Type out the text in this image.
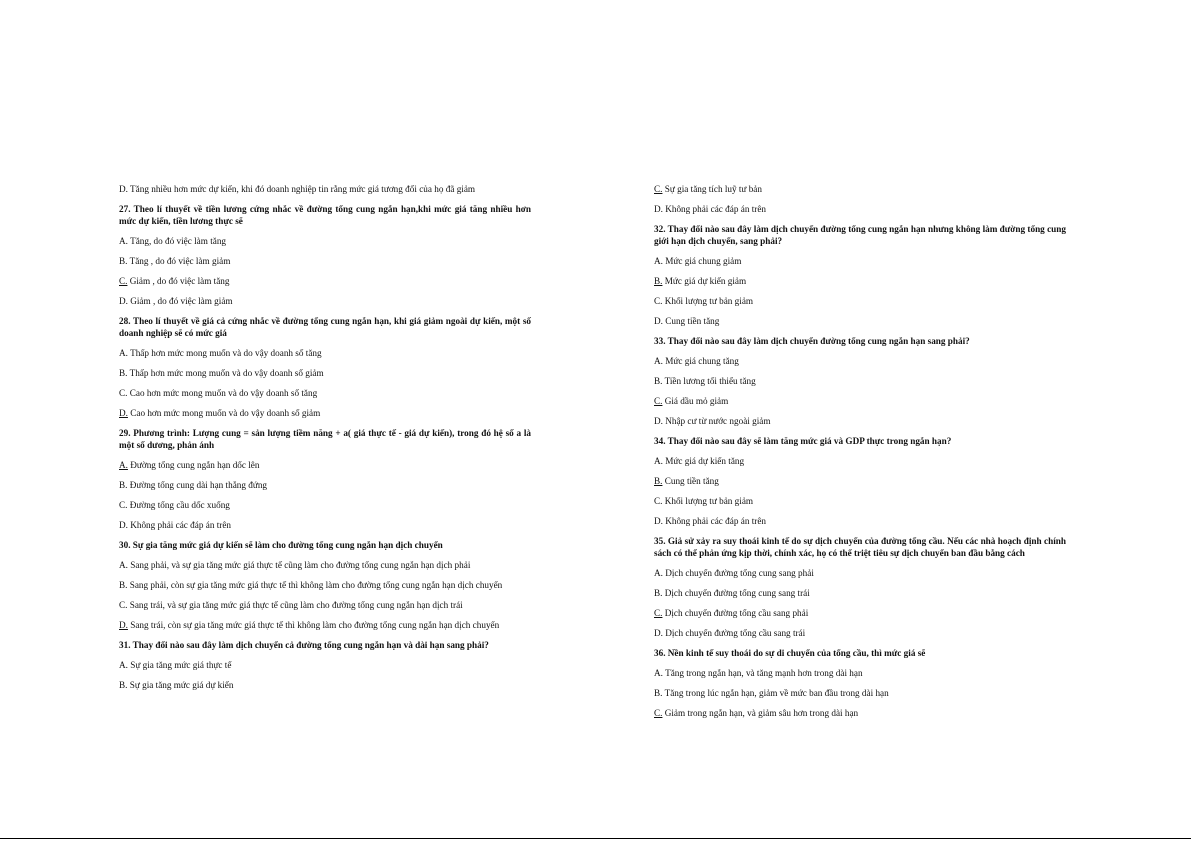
D. Tăng nhiều hơn mức dự kiến, khi đó doanh nghiệp tin rằng mức giá tương đối của họ đã giảm
27. Theo lí thuyết về tiền lương cứng nhắc về đường tổng cung ngắn hạn,khi mức giá tăng nhiều hơn mức dự kiến, tiền lương thực sẽ
A. Tăng, do đó việc làm tăng
B. Tăng , do đó việc làm giảm
C. Giảm , do đó việc làm tăng
D. Giảm , do đó việc làm giảm
28. Theo lí thuyết về giá cả cứng nhắc về đường tổng cung ngắn hạn, khi giá giảm ngoài dự kiến, một số doanh nghiệp sẽ có mức giá
A. Thấp hơn mức mong muốn và do vậy doanh số tăng
B. Thấp hơn mức mong muốn và do vậy doanh số giảm
C. Cao hơn mức mong muốn và do vậy doanh số tăng
D. Cao hơn mức mong muốn và do vậy doanh số giảm
29. Phương trình: Lượng cung = sản lượng tiềm năng + a( giá thực tế - giá dự kiến), trong đó hệ số a là một số dương, phản ánh
A. Đường tổng cung ngắn hạn dốc lên
B. Đường tổng cung dài hạn thẳng đứng
C. Đường tổng cầu dốc xuống
D. Không phải các đáp án trên
30. Sự gia tăng mức giá dự kiến sẽ làm cho đường tổng cung ngắn hạn dịch chuyển
A. Sang phải, và sự gia tăng mức giá thực tế cũng làm cho đường tổng cung ngắn hạn dịch phải
B. Sang phải, còn sự gia tăng mức giá thực tế thì không làm cho đường tổng cung ngắn hạn dịch chuyển
C. Sang trái, và sự gia tăng mức giá thực tế cũng làm cho đường tổng cung ngắn hạn dịch trái
D. Sang trái, còn sự gia tăng mức giá thực tế thì không làm cho đường tổng cung ngắn hạn dịch chuyển
31. Thay đổi nào sau đây làm dịch chuyển cả đường tổng cung ngắn hạn và dài hạn sang phải?
A. Sự gia tăng mức giá thực tế
B. Sự gia tăng mức giá dự kiến
C. Sự gia tăng tích luỹ tư bản
D. Không phải các đáp án trên
32. Thay đổi nào sau đây làm dịch chuyển đường tổng cung ngắn hạn nhưng không làm đường tổng cung giới hạn dịch chuyển, sang phải?
A. Mức giá chung giảm
B. Mức giá dự kiến giảm
C. Khối lượng tư bản giảm
D. Cung tiền tăng
33. Thay đổi nào sau đây làm dịch chuyển đường tổng cung ngắn hạn sang phải?
A. Mức giá chung tăng
B. Tiền lương tối thiểu tăng
C. Giá dầu mỏ giảm
D. Nhập cư từ nước ngoài giảm
34. Thay đổi nào sau đây sẽ làm tăng mức giá và GDP thực trong ngắn hạn?
A. Mức giá dự kiến tăng
B. Cung tiền tăng
C. Khối lượng tư bản giảm
D. Không phải các đáp án trên
35. Giả sử xảy ra suy thoái kinh tế do sự dịch chuyển của đường tổng cầu. Nếu các nhà hoạch định chính sách có thể phản ứng kịp thời, chính xác, họ có thể triệt tiêu sự dịch chuyển ban đầu bằng cách
A. Dịch chuyển đường tổng cung sang phải
B. Dịch chuyển đường tổng cung sang trái
C. Dịch chuyển đường tổng cầu sang phải
D. Dịch chuyển đường tổng cầu sang trái
36. Nền kinh tế suy thoái do sự di chuyển của tổng cầu, thì mức giá sẽ
A. Tăng trong ngắn hạn, và tăng mạnh hơn trong dài hạn
B. Tăng trong lúc ngắn hạn, giảm về mức ban đầu trong dài hạn
C. Giảm trong ngắn hạn, và giảm sâu hơn trong dài hạn
